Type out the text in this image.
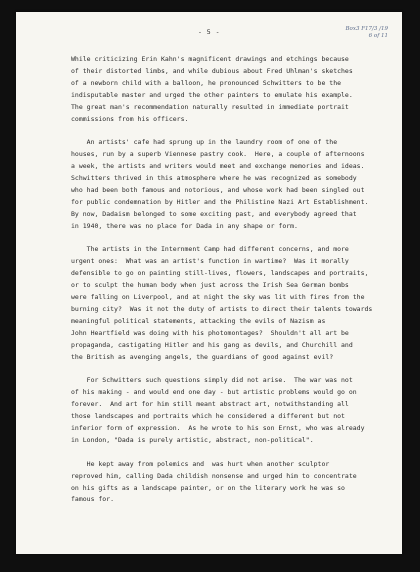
- 5 -	Box3 F17/3 /19
6 of 11
While criticizing Erin Kahn's magnificent drawings and etchings because
of their distorted limbs, and while dubious about Fred Uhlman's sketches
of a newborn child with a balloon, he pronounced Schwitters to be the
indisputable master and urged the other painters to emulate his example.
The great man's recommendation naturally resulted in immediate portrait
commissions from his officers.
An artists' cafe had sprung up in the laundry room of one of the
houses, run by a superb Viennese pastry cook.  Here, a couple of afternoons
a week, the artists and writers would meet and exchange memories and ideas.
Schwitters thrived in this atmosphere where he was recognized as somebody
who had been both famous and notorious, and whose work had been singled out
for public condemnation by Hitler and the Philistine Nazi Art Establishment.
By now, Dadaism belonged to some exciting past, and everybody agreed that
in 1940, there was no place for Dada in any shape or form.
The artists in the Internment Camp had different concerns, and more
urgent ones:  What was an artist's function in wartime?  Was it morally
defensible to go on painting still-lives, flowers, landscapes and portraits,
or to sculpt the human body when just across the Irish Sea German bombs
were falling on Liverpool, and at night the sky was lit with fires from the
burning city?  Was it not the duty of artists to direct their talents towards
meaningful political statements, attacking the evils of Nazism as
John Heartfield was doing with his photomontages?  Shouldn't all art be
propaganda, castigating Hitler and his gang as devils, and Churchill and
the British as avenging angels, the guardians of good against evil?
For Schwitters such questions simply did not arise.  The war was not
of his making - and would end one day - but artistic problems would go on
forever.  And art for him still meant abstract art, notwithstanding all
those landscapes and portraits which he considered a different but not
inferior form of expression.  As he wrote to his son Ernst, who was already
in London, "Dada is purely artistic, abstract, non-political".
He kept away from polemics and  was hurt when another sculptor
reproved him, calling Dada childish nonsense and urged him to concentrate
on his gifts as a landscape painter, or on the literary work he was so
famous for.
